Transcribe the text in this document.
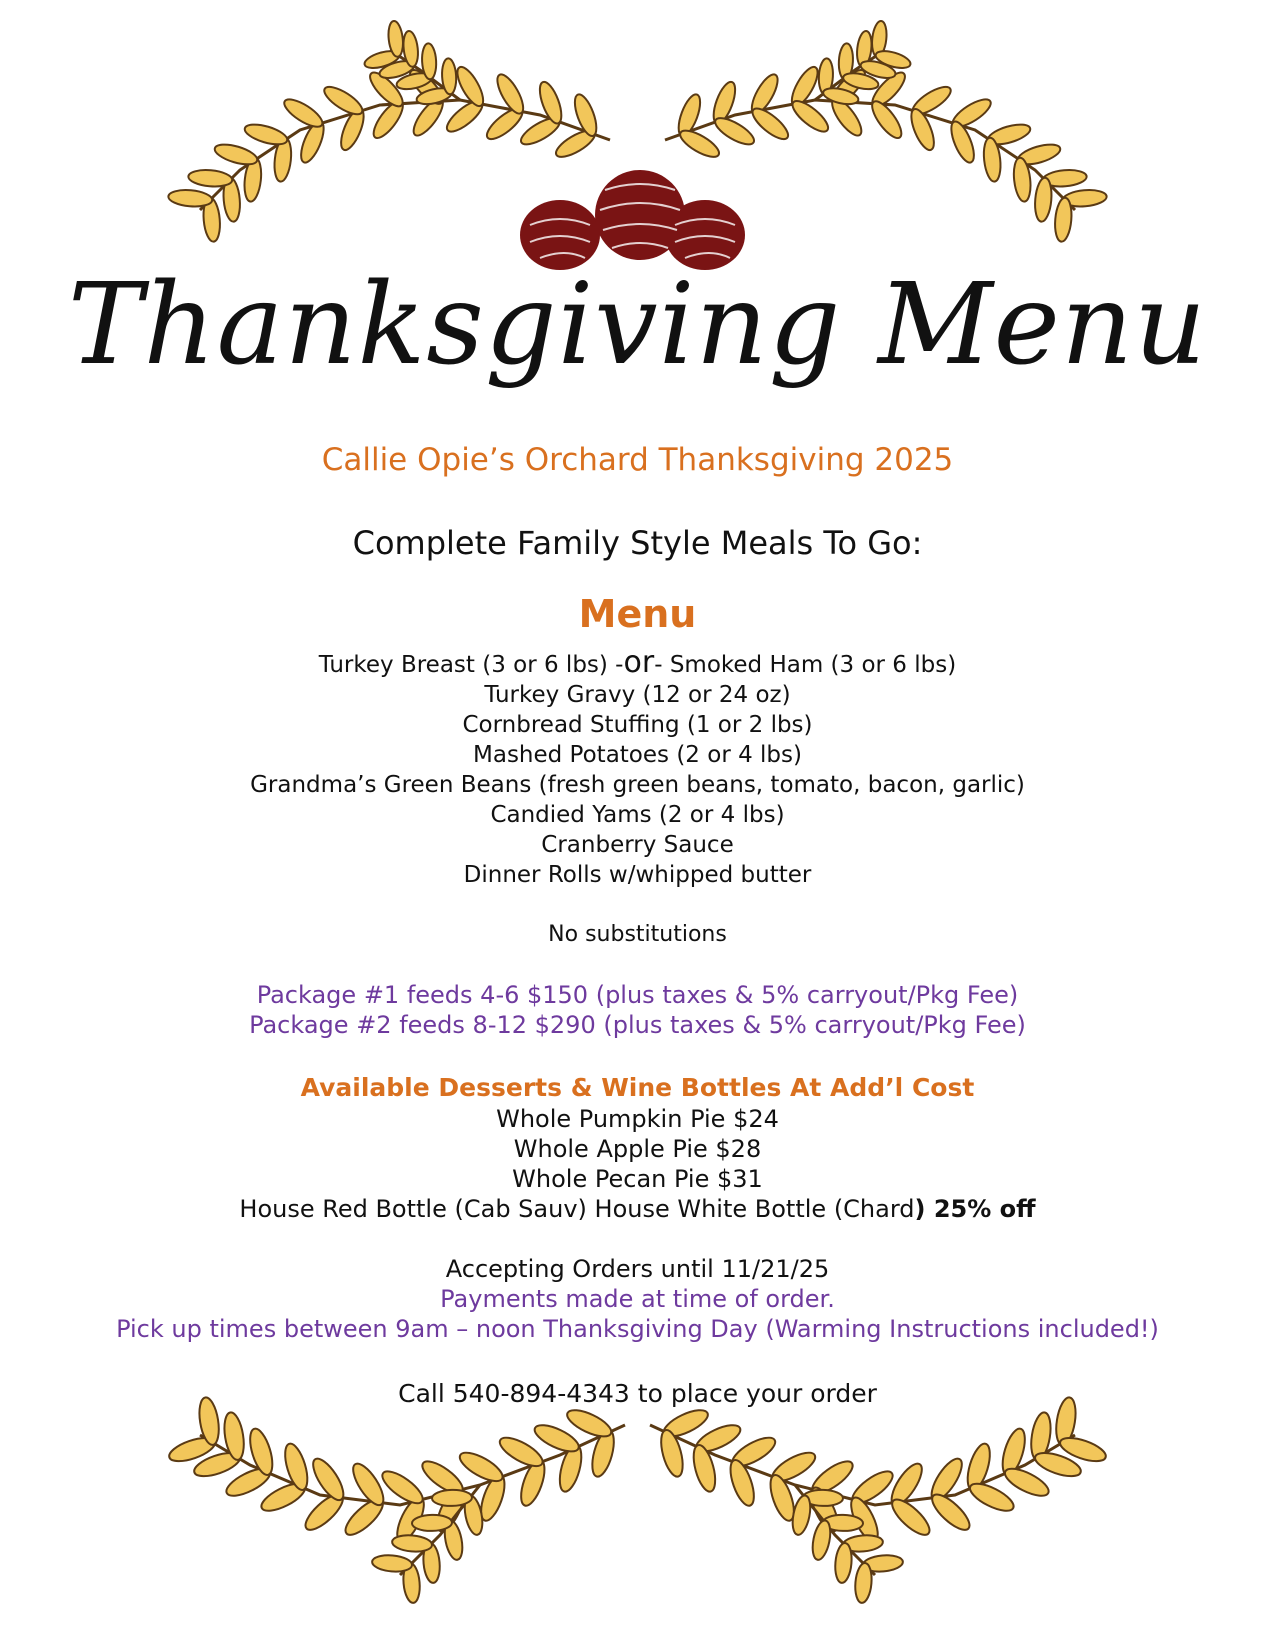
Thanksgiving Menu
Callie Opie’s Orchard Thanksgiving 2025
Complete Family Style Meals To Go:
Menu
Turkey Breast (3 or 6 lbs) -or- Smoked Ham (3 or 6 lbs)
Turkey Gravy (12 or 24 oz)
Cornbread Stuffing (1 or 2 lbs)
Mashed Potatoes (2 or 4 lbs)
Grandma’s Green Beans (fresh green beans, tomato, bacon, garlic)
Candied Yams (2 or 4 lbs)
Cranberry Sauce
Dinner Rolls w/whipped butter
No substitutions
Package #1 feeds 4-6 $150 (plus taxes & 5% carryout/Pkg Fee)
Package #2 feeds 8-12 $290 (plus taxes & 5% carryout/Pkg Fee)
Available Desserts & Wine Bottles At Add’l Cost
Whole Pumpkin Pie $24
Whole Apple Pie $28
Whole Pecan Pie $31
House Red Bottle (Cab Sauv) House White Bottle (Chard) 25% off
Accepting Orders until 11/21/25
Payments made at time of order.
Pick up times between 9am – noon Thanksgiving Day (Warming Instructions included!)
Call 540-894-4343 to place your order
